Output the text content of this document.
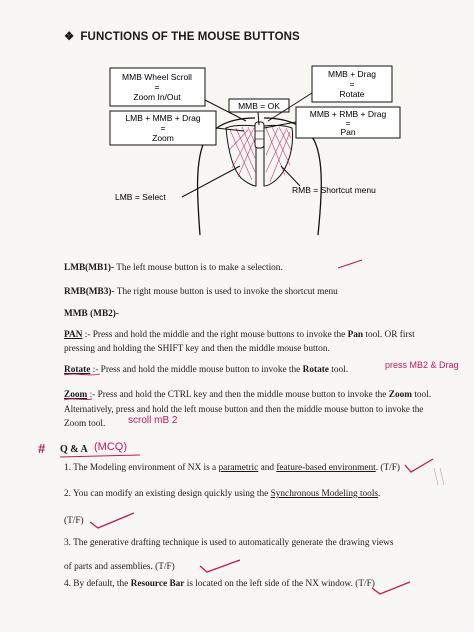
❖ FUNCTIONS OF THE MOUSE BUTTONS
MMB Wheel Scroll
=
Zoom In/Out
MMB + Drag
=
Rotate
MMB = OK
LMB + MMB + Drag
=
Zoom
MMB + RMB + Drag
=
Pan
LMB = Select
RMB = Shortcut menu
LMB(MB1)- The left mouse button is to make a selection.
RMB(MB3)- The right mouse button is used to invoke the shortcut menu
MMB (MB2)-
PAN :- Press and hold the middle and the right mouse buttons to invoke the Pan tool. OR first
pressing and holding the SHIFT key and then the middle mouse button.
Rotate :- Press and hold the middle mouse button to invoke the Rotate tool.	press MB2 & Drag
Zoom :- Press and hold the CTRL key and then the middle mouse button to invoke the Zoom tool.
Alternatively, press and hold the left mouse button and then the middle mouse button to invoke the
Zoom tool. scroll mB 2
# Q & A (MCQ)
1. The Modeling environment of NX is a parametric and feature-based environment. (T/F)
2. You can modify an existing design quickly using the Synchronous Modeling tools.
(T/F)
3. The generative drafting technique is used to automatically generate the drawing views
of parts and assemblies. (T/F)
4. By default, the Resource Bar is located on the left side of the NX window. (T/F)
